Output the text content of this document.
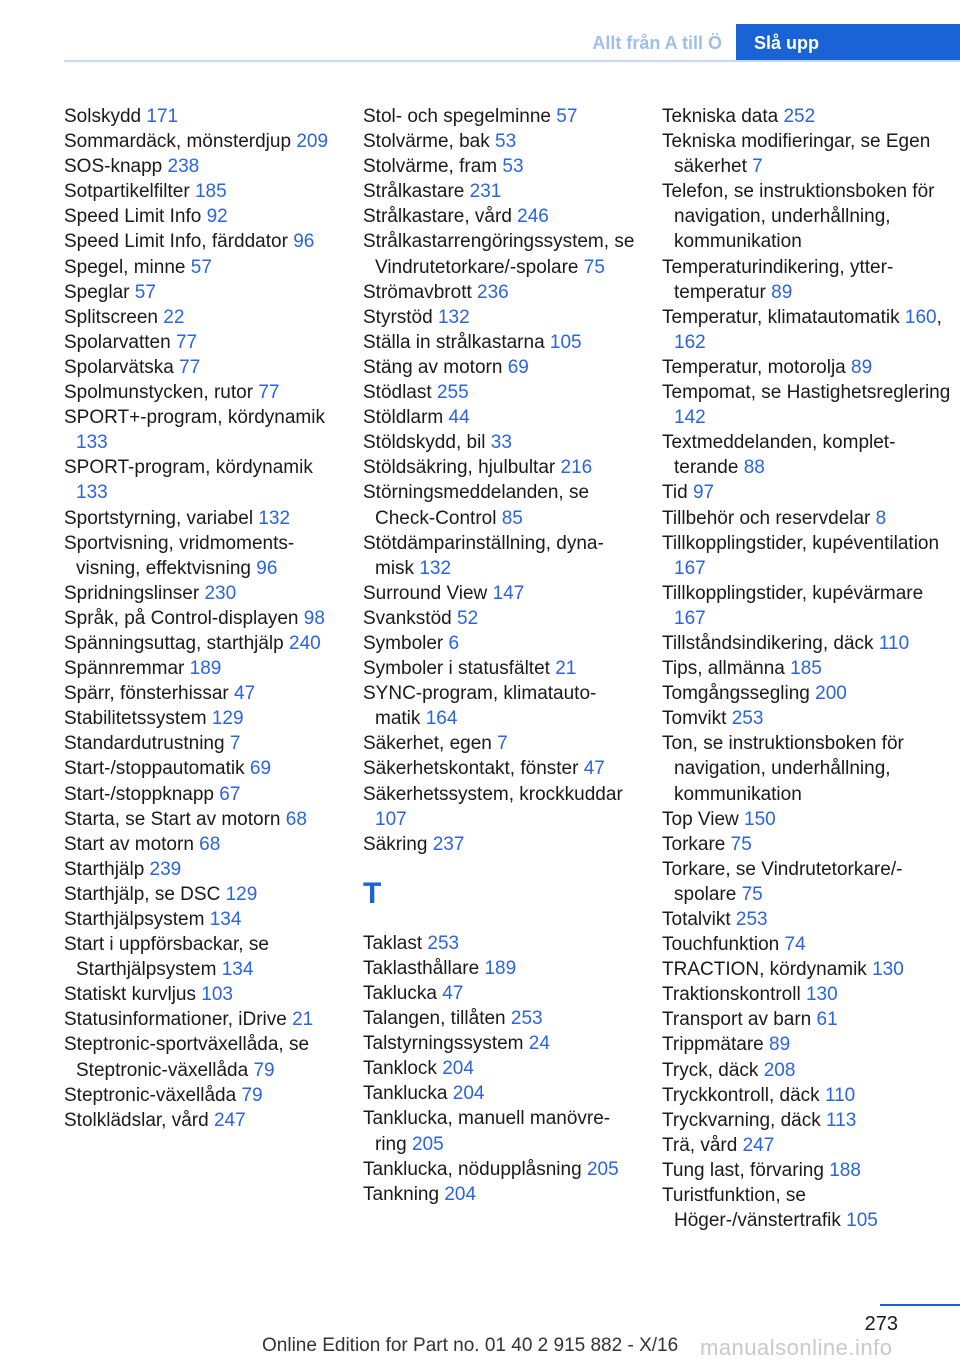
Allt från A till Ö	Slå upp

Solskydd 171

Sommardäck, mönsterdjup 209

SOS-knapp 238

Sotpartikelfilter 185

Speed Limit Info 92

Speed Limit Info, färddator 96

Spegel, minne 57

Speglar 57

Splitscreen 22

Spolarvatten 77

Spolarvätska 77

Spolmunstycken, rutor 77

SPORT+-program, kördynamik 133

SPORT-program, kördynamik 133

Sportstyrning, variabel 132

Sportvisning, vridmomentsvisning, effektvisning 96

Spridningslinser 230

Språk, på Control-displayen 98

Spänningsuttag, starthjälp 240

Spännremmar 189

Spärr, fönsterhissar 47

Stabilitetssystem 129

Standardutrustning 7

Start-/stoppautomatik 69

Start-/stoppknapp 67

Starta, se Start av motorn 68

Start av motorn 68

Starthjälp 239

Starthjälp, se DSC 129

Starthjälpsystem 134

Start i uppförsbackar, se Starthjälpsystem 134

Statiskt kurvljus 103

Statusinformationer, iDrive 21

Steptronic-sportväxellåda, se Steptronic-växellåda 79

Steptronic-växellåda 79

Stolklädslar, vård 247

Stol- och spegelminne 57

Stolvärme, bak 53

Stolvärme, fram 53

Strålkastare 231

Strålkastare, vård 246

Strålkastarrengöringssystem, se Vindrutetorkare/-spolare 75

Strömavbrott 236

Styrstöd 132

Ställa in strålkastarna 105

Stäng av motorn 69

Stödlast 255

Stöldlarm 44

Stöldskydd, bil 33

Stöldsäkring, hjulbultar 216

Störningsmeddelanden, se Check-Control 85

Stötdämparinställning, dynamisk 132

Surround View 147

Svankstöd 52

Symboler 6

Symboler i statusfältet 21

SYNC-program, klimatautomatik 164

Säkerhet, egen 7

Säkerhetskontakt, fönster 47

Säkerhetssystem, krockkuddar 107

Säkring 237

T

Taklast 253

Taklasthållare 189

Taklucka 47

Talangen, tillåten 253

Talstyrningssystem 24

Tanklock 204

Tanklucka 204

Tanklucka, manuell manövrering 205

Tanklucka, nödupplåsning 205

Tankning 204

Tekniska data 252

Tekniska modifieringar, se Egen säkerhet 7

Telefon, se instruktionsboken för navigation, underhållning, kommunikation

Temperaturindikering, yttertemperatur 89

Temperatur, klimatautomatik 160, 162

Temperatur, motorolja 89

Tempomat, se Hastighetsreglering 142

Textmeddelanden, kompletterande 88

Tid 97

Tillbehör och reservdelar 8

Tillkopplingstider, kupéventilation 167

Tillkopplingstider, kupévärmare 167

Tillståndsindikering, däck 110

Tips, allmänna 185

Tomgångssegling 200

Tomvikt 253

Ton, se instruktionsboken för navigation, underhållning, kommunikation

Top View 150

Torkare 75

Torkare, se Vindrutetorkare/-spolare 75

Totalvikt 253

Touchfunktion 74

TRACTION, kördynamik 130

Traktionskontroll 130

Transport av barn 61

Trippmätare 89

Tryck, däck 208

Tryckkontroll, däck 110

Tryckvarning, däck 113

Trä, vård 247

Tung last, förvaring 188

Turistfunktion, se Höger-/vänstertrafik 105

273
Online Edition for Part no. 01 40 2 915 882 - X/16 manualsonline.info
